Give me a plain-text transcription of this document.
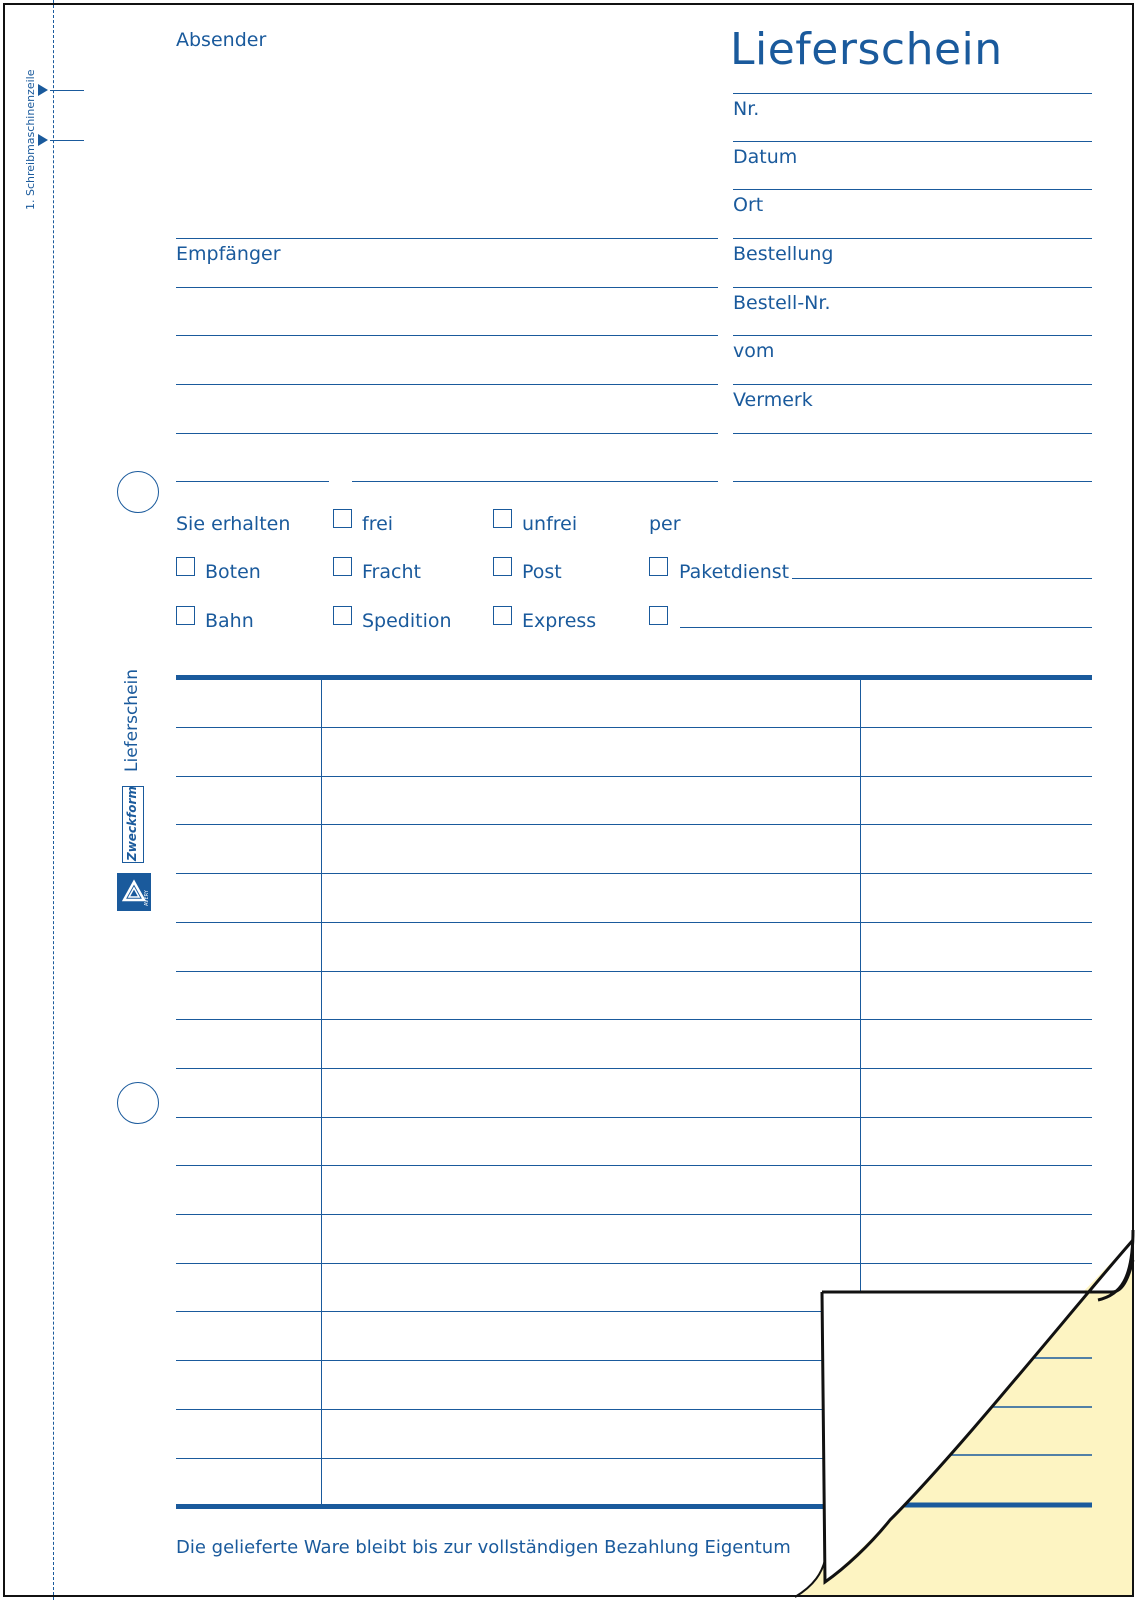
1. Schreibmaschinenzeile
Lieferschein
Zweckform
AVERY
Absender	Lieferschein
Nr.
Datum
Ort
Bestellung
Bestell-Nr.
vom
Vermerk
Empfänger
Sie erhalten	frei	unfrei	per
Boten	Fracht	Post	Paketdienst
Bahn	Spedition	Express
Die gelieferte Ware bleibt bis zur vollständigen Bezahlung Eigentum
